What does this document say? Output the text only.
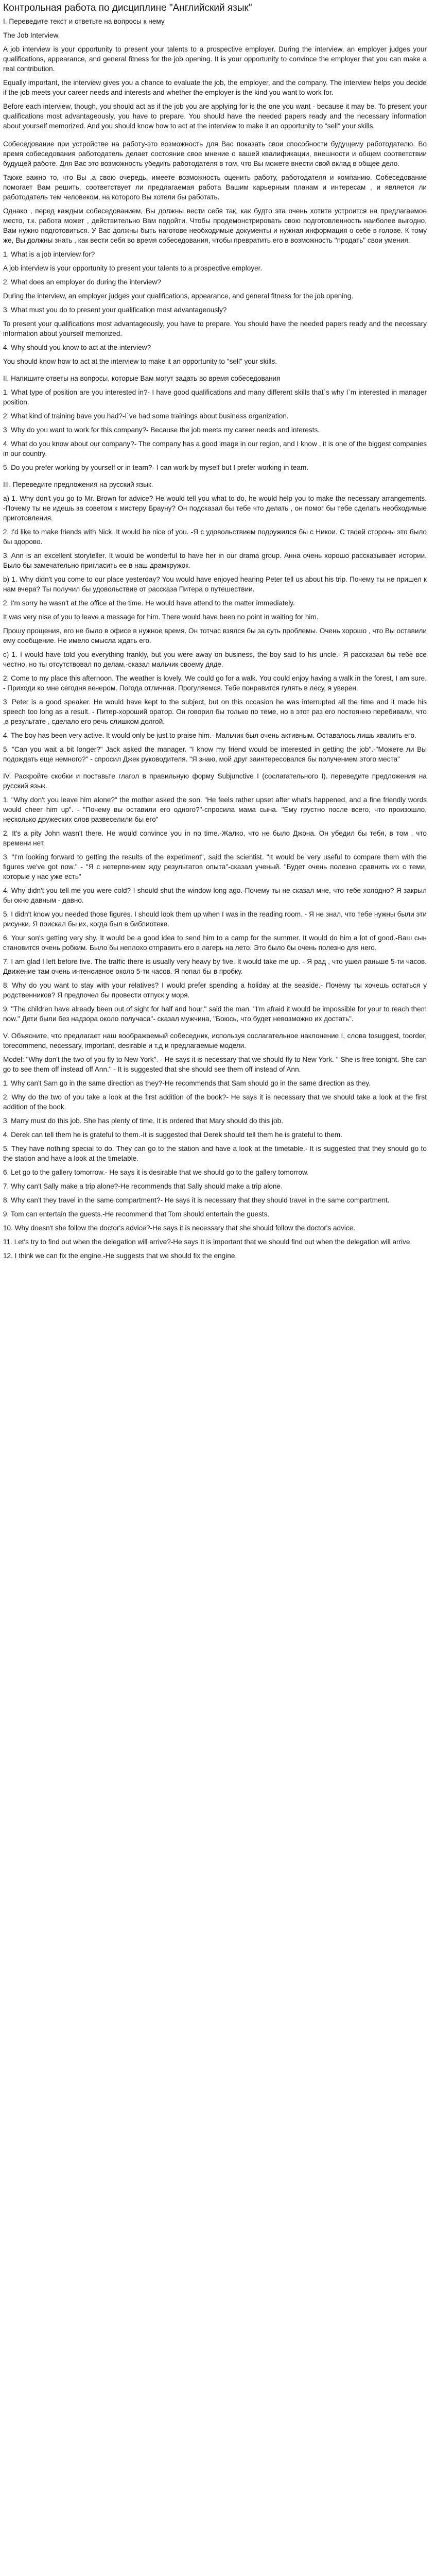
Контрольная работа по дисциплине "Английский язык"

I. Переведите текст и ответьте на вопросы к нему

The Job Interview.

A job interview is your opportunity to present your talents to a prospective employer. During the interview, an employer judges your qualifications, appearance, and general fitness for the job opening. It is your opportunity to convince the employer that you can make a real contribution.

Equally important, the interview gives you a chance to evaluate the job, the employer, and the company. The interview helps you decide if the job meets your career needs and interests and whether the employer is the kind you want to work for.

Before each interview, though, you should act as if the job you are applying for is the one you want - because it may be. To present your qualifications most advantageously, you have to prepare. You should have the needed papers ready and the necessary information about yourself memorized. And you should know how to act at the interview to make it an opportunity to "sell" your skills.

Собеседование при устройстве на работу-это возможность для Вас показать свои способности будущему работодателю. Во время собеседования работодатель делает состояние свое мнение о вашей квалификации, внешности и общем соответствии будущей работе. Для Вас это возможность убедить работодателя в том, что Вы можете внести свой вклад в общее дело.

Также важно то, что Вы ,а свою очередь, имеете возможность оценить работу, работодателя и компанию. Собеседование помогает Вам решить, соответствует ли предлагаемая работа Вашим карьерным планам и интересам , и является ли работодатель тем человеком, на которого Вы хотели бы работать.

Однако , перед каждым собеседованием, Вы должны вести себя так, как будто эта очень хотите устроится на предлагаемое место, т.к. работа может , действительно Вам подойти. Чтобы продемонстрировать свою подготовленность наиболее выгодно, Вам нужно подготовиться. У Вас должны быть наготове необходимые документы и нужная информация о себе в голове. К тому же, Вы должны знать , как вести себя во время собеседования, чтобы превратить его в возможность "продать" свои умения.

1. What is a job interview for?

A job interview is your opportunity to present your talents to a prospective employer.

2. What does an employer do during the interview?

During the interview, an employer judges your qualifications, appearance, and general fitness for the job opening.

3. What must you do to present your qualification most advantageously?

To present your qualifications most advantageously, you have to prepare. You should have the needed papers ready and the necessary information about yourself memorized.

4. Why should you know to act at the interview?

You should know how to act at the interview to make it an opportunity to "sell" your skills.

II. Напишите ответы на вопросы, которые Вам могут задать во время собеседования

1. What type of position are you interested in?- I have good qualifications and many different skills that`s why I`m interested in manager position.

2. What kind of training have you had?-I`ve had some trainings about business organization.

3. Why do you want to work for this company?- Because the job meets my career needs and interests.

4. What do you know about our company?- The company has a good image in our region, and I know , it is one of the biggest companies in our country.

5. Do you prefer working by yourself or in team?- I can work by myself but I prefer working in team.

III. Переведите предложения на русский язык.

a) 1. Why don't you go to Mr. Brown for advice? He would tell you what to do, he would help you to make the necessary arrangements. -Почему ты не идешь за советом к мистеру Брауну? Он подсказал бы тебе что делать , он помог бы тебе сделать необходимые приготовления.

2. I'd like to make friends with Nick. It would be nice of you. -Я с удовольствием подружился бы с Никои. С твоей стороны это было бы здорово.

3. Ann is an excellent storyteller. It would be wonderful to have her in our drama group. Анна очень хорошо рассказывает истории. Было бы замечательно пригласить ее в наш драмкружок.

b) 1. Why didn't you come to our place yesterday? You would have enjoyed hearing Peter tell us about his trip. Почему ты не пришел к нам вчера? Ты получил бы удовольствие от рассказа Питера о путешествии.

2. I'm sorry he wasn't at the office at the time. He would have attend to the matter immediately.

It was very nise of you to leave a message for him. There would have been no point in waiting for him.

Прошу прощения, его не было в офисе в нужное время. Он тотчас взялся бы за суть проблемы. Очень хорошо , что Вы оставили ему сообщение. Не имело смысла ждать его.

c) 1. I would have told you everything frankly, but you were away on business, the boy said to his uncle.- Я рассказал бы тебе все честно, но ты отсутствовал по делам,-сказал мальчик своему дяде.

2. Come to my place this afternoon. The weather is lovely. We could go for a walk. You could enjoy having a walk in the forest, I am sure. - Приходи ко мне сегодня вечером. Погода отличная. Прогуляемся. Тебе понравится гулять в лесу, я уверен.

3. Peter is a good speaker. He would have kept to the subject, but on this occasion he was interrupted all the time and it made his speech too long as a result. - Питер-хороший оратор. Он говорил бы только по теме, но в этот раз его постоянно перебивали, что ,в результате , сделало его речь слишком долгой.

4. The boy has been very active. It would only be just to praise him.- Мальчик был очень активным. Оставалось лишь хвалить его.

5. "Can you wait a bit longer?" Jack asked the manager. "I know my friend would be interested in getting the job".-"Можете ли Вы подождать еще немного?" - спросил Джек руководителя. "Я знаю, мой друг заинтересовался бы получением этого места"

IV. Раскройте скобки и поставьте глагол в правильную форму Subjunctive I (сослагательного I). переведите предложения на русский язык.

1. "Why don't you leave him alone?" the mother asked the son. "He feels rather upset after what's happened, and a fine friendly words would cheer him up". - "Почему вы оставили его одного?"-спросила мама сына. "Ему грустно после всего, что произошло, несколько дружеских слов развеселили бы его"

2. It's a pity John wasn't there. He would convince you in no time.-Жалко, что не было Джона. Он убедил бы тебя, в том , что времени нет.

3. "I'm looking forward to getting the results of the experiment", said the scientist. "It would be very useful to compare them with the figures we've got now." - "Я с нетерпением жду результатов опыта"-сказал ученый. "Будет очень полезно сравнить их с теми, которые у нас уже есть"

4. Why didn't you tell me you were cold? I should shut the window long ago.-Почему ты не сказал мне, что тебе холодно? Я закрыл бы окно давным - давно.

5. I didn't know you needed those figures. I should look them up when I was in the reading room. - Я не знал, что тебе нужны были эти рисунки. Я поискал бы их, когда был в библиотеке.

6. Your son's getting very shy. It would be a good idea to send him to a camp for the summer. It would do him a lot of good.-Ваш сын становится очень робким. Было бы неплохо отправить его в лагерь на лето. Это было бы очень полезно для него.

7. I am glad I left before five. The traffic there is usually very heavy by five. It would take me up. - Я рад , что ушел раньше 5-ти часов. Движение там очень интенсивное около 5-ти часов. Я попал бы в пробку.

8. Why do you want to stay with your relatives? I would prefer spending a holiday at the seaside.- Почему ты хочешь остаться у родственников? Я предпочел бы провести отпуск у моря.

9. "The children have already been out of sight for half and hour," said the man. "I'm afraid it would be impossible for your to reach them now." Дети были без надзора около получаса"- сказал мужчина, "Боюсь, что будет невозможно их достать".

V. Объясните, что предлагает наш воображаемый собеседник, используя сослагательное наклонение I, слова tosuggest, toorder, torecommend, necessary, important, desirable и т.д и предлагаемые модели.

Model: "Why don't the two of you fly to New York". - He says it is necessary that we should fly to New York. " She is free tonight. She can go to see them off instead off Ann." - It is suggested that she should see them off instead of Ann.

1. Why can't Sam go in the same direction as they?-He recommends that Sam should go in the same direction as they.

2. Why do the two of you take a look at the first addition of the book?- He says it is necessary that we should take a look at the first addition of the book.

3. Marry must do this job. She has plenty of time. It is ordered that Mary should do this job.

4. Derek can tell them he is grateful to them.-It is suggested that Derek should tell them he is grateful to them.

5. They have nothing special to do. They can go to the station and have a look at the timetable.- It is suggested that they should go to the station and have a look at the timetable.

6. Let go to the gallery tomorrow.- He says it is desirable that we should go to the gallery tomorrow.

7. Why can't Sally make a trip alone?-He recommends that Sally should make a trip alone.

8. Why can't they travel in the same compartment?- He says it is necessary that they should travel in the same compartment.

9. Tom can entertain the guests.-He recommend that Tom should entertain the guests.

10. Why doesn't she follow the doctor's advice?-He says it is necessary that she should follow the doctor's advice.

11. Let's try to find out when the delegation will arrive?-He says It is important that we should find out when the delegation will arrive.

12. I think we can fix the engine.-He suggests that we should fix the engine.
